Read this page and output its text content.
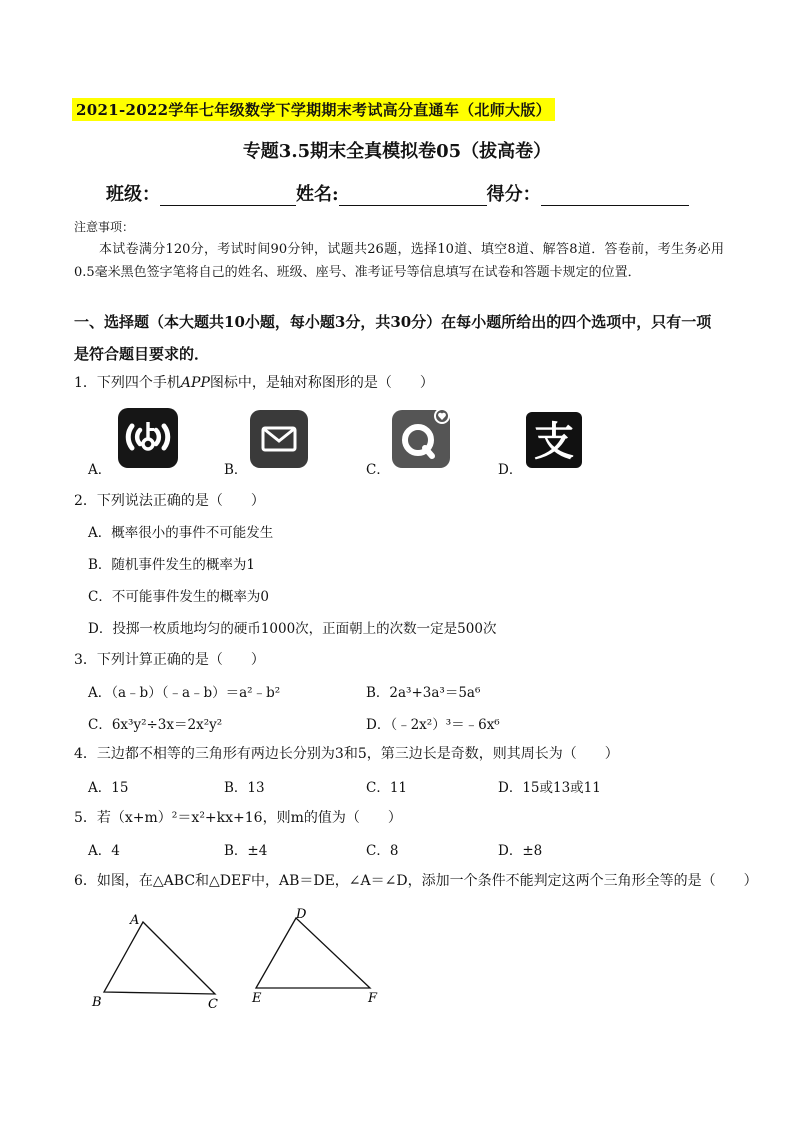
2021-2022学年七年级数学下学期期末考试高分直通车（北师大版）
专题3.5期末全真模拟卷05（拔高卷）
班级：	姓名:	得分：
注意事项：
本试卷满分120分，考试时间90分钟，试题共26题，选择10道、填空8道、解答8道．答卷前，考生务必用0.5毫米黑色签字笔将自己的姓名、班级、座号、准考证号等信息填写在试卷和答题卡规定的位置．
一、选择题（本大题共10小题，每小题3分，共30分）在每小题所给出的四个选项中，只有一项是符合题目要求的．
1．下列四个手机APP图标中，是轴对称图形的是（　　）
A．	B．	C．	D．
支
2．下列说法正确的是（　　）
A．概率很小的事件不可能发生
B．随机事件发生的概率为1
C．不可能事件发生的概率为0
D．投掷一枚质地均匀的硬币1000次，正面朝上的次数一定是500次
3．下列计算正确的是（　　）
A．（a﹣b）（﹣a﹣b）＝a²﹣b²	B．2a³+3a³＝5a⁶
C．6x³y²÷3x＝2x²y²	D．（﹣2x²）³＝﹣6x⁶
4．三边都不相等的三角形有两边长分别为3和5，第三边长是奇数，则其周长为（　　）
A．15	B．13	C．11	D．15或13或11
5．若（x+m）²＝x²+kx+16，则m的值为（　　）
A．4	B．±4	C．8	D．±8
6．如图，在△ABC和△DEF中，AB＝DE，∠A＝∠D，添加一个条件不能判定这两个三角形全等的是（　　）
A
B	C
D
E	F
